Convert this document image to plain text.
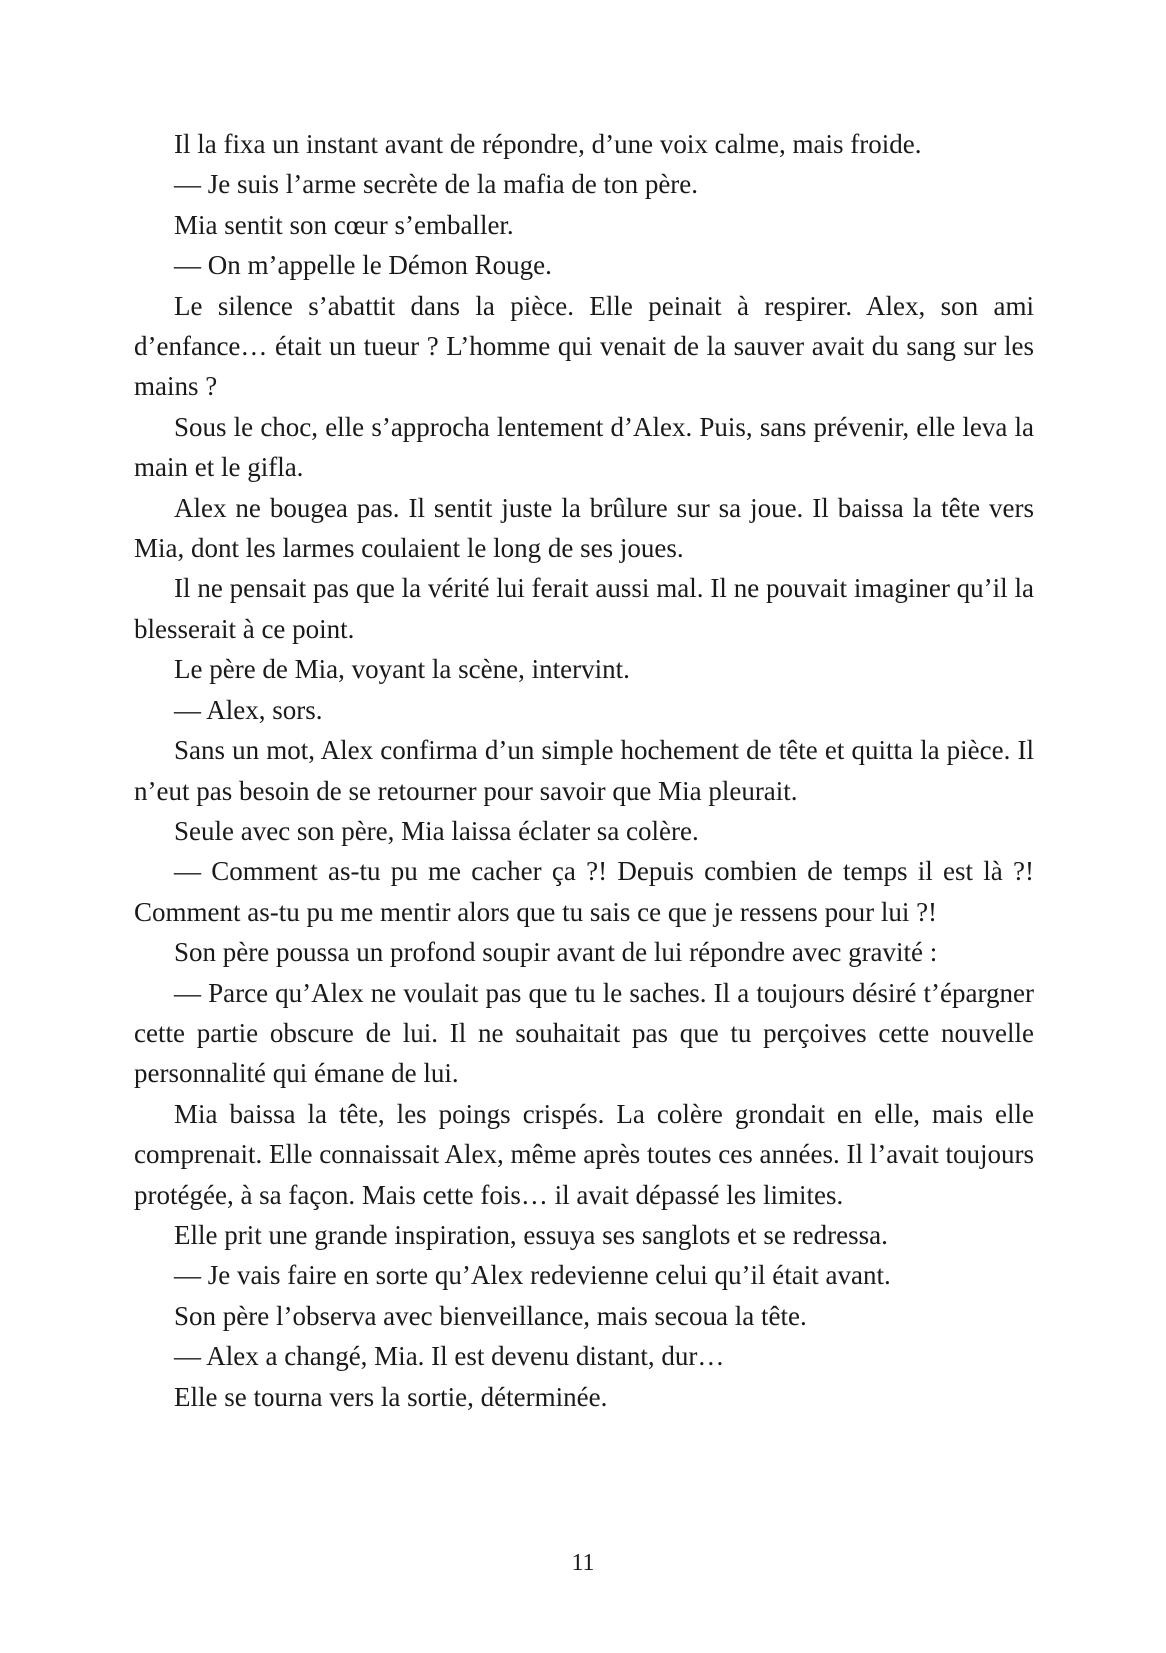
Il la fixa un instant avant de répondre, d’une voix calme, mais froide.

— Je suis l’arme secrète de la mafia de ton père.

Mia sentit son cœur s’emballer.

— On m’appelle le Démon Rouge.

Le silence s’abattit dans la pièce. Elle peinait à respirer. Alex, son ami d’enfance… était un tueur ? L’homme qui venait de la sauver avait du sang sur les mains ?

Sous le choc, elle s’approcha lentement d’Alex. Puis, sans prévenir, elle leva la main et le gifla.

Alex ne bougea pas. Il sentit juste la brûlure sur sa joue. Il baissa la tête vers Mia, dont les larmes coulaient le long de ses joues.

Il ne pensait pas que la vérité lui ferait aussi mal. Il ne pouvait imaginer qu’il la blesserait à ce point.

Le père de Mia, voyant la scène, intervint.

— Alex, sors.

Sans un mot, Alex confirma d’un simple hochement de tête et quitta la pièce. Il n’eut pas besoin de se retourner pour savoir que Mia pleurait.

Seule avec son père, Mia laissa éclater sa colère.

— Comment as-tu pu me cacher ça ?! Depuis combien de temps il est là ?! Comment as-tu pu me mentir alors que tu sais ce que je ressens pour lui ?!

Son père poussa un profond soupir avant de lui répondre avec gravité :

— Parce qu’Alex ne voulait pas que tu le saches. Il a toujours désiré t’épargner cette partie obscure de lui. Il ne souhaitait pas que tu perçoives cette nouvelle personnalité qui émane de lui.

Mia baissa la tête, les poings crispés. La colère grondait en elle, mais elle comprenait. Elle connaissait Alex, même après toutes ces années. Il l’avait toujours protégée, à sa façon. Mais cette fois… il avait dépassé les limites.

Elle prit une grande inspiration, essuya ses sanglots et se redressa.

— Je vais faire en sorte qu’Alex redevienne celui qu’il était avant.

Son père l’observa avec bienveillance, mais secoua la tête.

— Alex a changé, Mia. Il est devenu distant, dur…

Elle se tourna vers la sortie, déterminée.

11
